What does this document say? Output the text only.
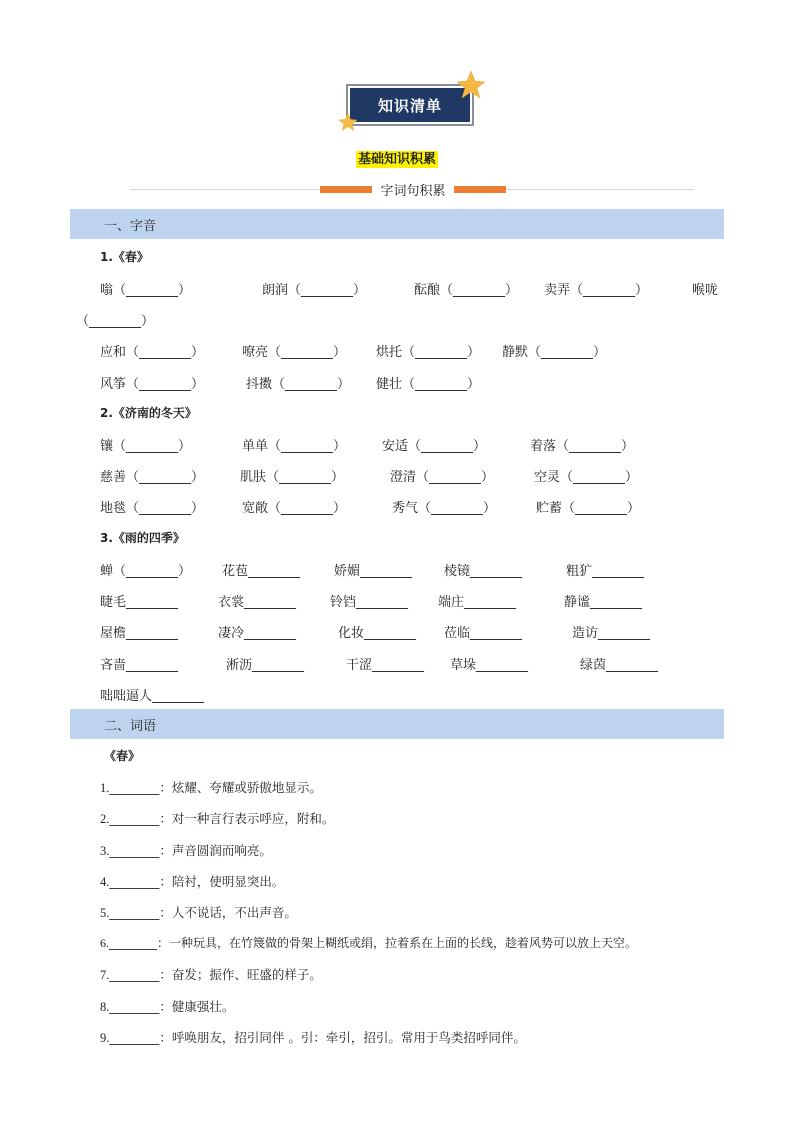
知识清单
基础知识积累
字词句积累
一、字音
1.《春》
嗡（________）	朗润（________）	酝酿（________） 卖弄（________）	喉咙
（________）
应和（________）	嘹亮（________） 烘托（________） 静默（________）
风筝（________）	抖擞（________） 健壮（________）
2.《济南的冬天》
镶（________）	单单（________）	安适（________）	着落（________）
慈善（________）	肌肤（________）	澄清（________）	空灵（________）
地毯（________）	宽敞（________）	秀气（________）	贮蓄（________）
3.《雨的四季》
蝉（________） 花苞________	娇媚________ 棱镜________	粗犷________
睫毛________	衣裳________	铃铛________ 端庄________	静谧________
屋檐________	凄冷________	化妆________ 莅临________	造访________
吝啬________	淅沥________	干涩________ 草垛________	绿茵________
咄咄逼人________
二、词语
《春》
1.________：炫耀、夸耀或骄傲地显示。
2.________：对一种言行表示呼应，附和。
3.________：声音圆润而响亮。
4.________：陪衬，使明显突出。
5.________：人不说话，不出声音。
6.________：一种玩具，在竹篾做的骨架上糊纸或绢，拉着系在上面的长线，趁着风势可以放上天空。
7.________：奋发；振作、旺盛的样子。
8.________：健康强壮。
9.________：呼唤朋友，招引同伴 。引：牵引，招引。常用于鸟类招呼同伴。
